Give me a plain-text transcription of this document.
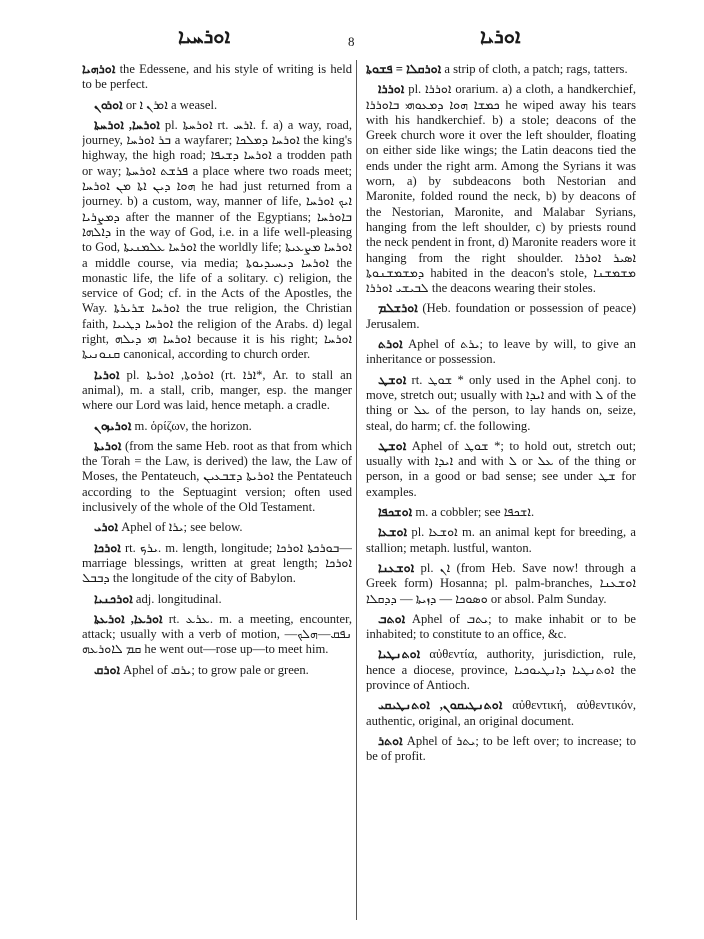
ܐܘܪܚܝܐ	8	ܐܘܪܝܐ

ܐܘܪܗܝܐ the Edessene, and his style of writing is held to be perfect.

ܐܘܪܘܢ or ܐܘܪܢ ܐ a weasel.

ܐܘܪܚܐ, ܐܘܪܚܬܐ pl. ܐܘܪܚܬܐ rt. ܐܪܚ. f. a) a way, road, journey, ܒܪ ܐܘܪܚܐ a wayfarer; ܐܘܪܚܐ ܕܡܠܟܐ the king's highway, the high road; ܐܘܪܚܐ ܕܫܝܦܐ a trodden path or way; ܦܪܫܬ ܐܘܪܚܬܐ a place where two roads meet; ܗܘܐ ܕܝܢ ܐܬܐ ܡܢ ܐܘܪܚܐ he had just returned from a journey. b) a custom, way, manner of life, ܐܝܟ ܐܘܪܚܐ ܕܡܨܪܝܐ after the manner of the Egyptians; ܒܐܘܪܚܐ ܕܐܠܗܐ in the way of God, i.e. in a life well-pleasing to God, ܐܘܪܚܐ ܥܠܡܢܝܬܐ the worldly life; ܐܘܪܚܐ ܡܨܥܝܬܐ a middle course, via media; ܐܘܪܚܐ ܕܝܚܝܕܝܘܬܐ the monastic life, the life of a solitary. c) religion, the service of God; cf. in the Acts of the Apostles, the Way. ܐܘܪܚܐ ܫܪܝܪܬܐ the true religion, the Christian faith, ܐܘܪܚܐ ܕܛܝܝܐ the religion of the Arabs. d) legal right, ܐܘܪܚܐ ܗܝ ܕܝܠܗ because it is his right; ܐܘܪܚܐ ܩܢܘܢܝܬܐ canonical, according to church order.

ܐܘܪܝܐ pl. ܐܘܪܘܬܐ, ܐܘܪܝܬܐ (rt. ܐܪܐ*, Ar. to stall an animal), m. a stall, crib, manger, esp. the manger where our Lord was laid, hence metaph. a cradle.

ܐܘܪܝܙܘܢ m. ὁρίζων, the horizon.

ܐܘܪܝܬܐ (from the same Heb. root as that from which the Torah = the Law, is derived) the law, the Law of Moses, the Pentateuch, ܐܘܪܝܬܐ ܕܫܒܥܝܢ the Pentateuch according to the Septuagint version; often used inclusively of the whole of the Old Testament.

ܐܘܪܝ Aphel of ܝܪܐ; see below.

ܐܘܪܟܐ rt. ܝܪܟ. m. length, longitude; ܒܘܪܟܬܐ ܐܘܪܟܐ—marriage blessings, written at great length; ܐܘܪܟܐ ܕܒܒܠ the longitude of the city of Babylon.

ܐܘܪܟܢܝܐ adj. longitudinal.

ܐܘܪܥܐ, ܐܘܪܥܬܐ rt. ܥܪܥ. m. a meeting, encounter, attack; usually with a verb of motion, ܢܦܩ—ܗܠܟ—ܩܡ ܠܐܘܪܥܗ he went out—rose up—to meet him.

ܐܘܪܩ Aphel of ܝܪܩ; to grow pale or green.

ܐܘܪܩܠܐ = ܦܫܘܬܐ a strip of cloth, a patch; rags, tatters.

ܐܘܪܪܐ pl. ܐܘܪܪܐ orarium. a) a cloth, a handkerchief, ܟܡܫܐ ܗܘܐ ܕܡܥܘܗܝ ܒܐܘܪܪܐ he wiped away his tears with his handkerchief. b) a stole; deacons of the Greek church wore it over the left shoulder, floating on either side like wings; the Latin deacons tied the ends under the right arm. Among the Syrians it was worn, a) by subdeacons both Nestorian and Maronite, folded round the neck, b) by deacons of the Nestorian, Maronite, and Malabar Syrians, hanging from the left shoulder, c) by priests round the neck pendent in front, d) Maronite readers wore it hanging from the right shoulder. ܐܣܝܪ ܐܘܪܪܐ ܕܡܫܡܫܢܘܬܐ habited in the deacon's stole, ܡܫܡܫܢܐ ܠܒܝܫܝ ܐܘܪܪܐ the deacons wearing their stoles.

ܐܘܪܫܠܡ (Heb. foundation or possession of peace) Jerusalem.

ܐܘܪܬ Aphel of ܝܪܬ; to leave by will, to give an inheritance or possession.

ܐܘܫܛ rt. ܫܘܛ * only used in the Aphel conj. to move, stretch out; usually with ܐܝܕܐ and with ܠ of the thing or ܥܠ of the person, to lay hands on, seize, steal, do harm; cf. the following.

ܐܘܫܛ Aphel of ܫܘܛ *; to hold out, stretch out; usually with ܐܝܕܐ and with ܠ or ܥܠ of the thing or person, in a good or bad sense; see under ܫܛ for examples.

ܐܘܫܟܦܐ m. a cobbler; see ܐܫܟܦܐ.

ܐܘܫܥܐ pl. ܐܘܫܥܐ m. an animal kept for breeding, a stallion; metaph. lustful, wanton.

ܐܘܫܥܢܐ pl. ܐܢ (from Heb. Save now! through a Greek form) Hosanna; pl. palm-branches, ܐܘܫܥܢܐ ܘܣܘܟܐ — ܕܙܝܬܐ — ܕܕܩܠܐ or absol. Palm Sunday.

ܐܘܬܒ Aphel of ܝܬܒ; to make inhabit or to be inhabited; to constitute to an office, &c.

ܐܘܬܢܛܝܐ αὐθεντία, authority, jurisdiction, rule, hence a diocese, province, ܐܘܬܢܛܝܐ ܕܐܢܛܝܘܟܝܐ the province of Antioch.

ܐܘܬܢܛܝܩܘܢ, ܐܘܬܢܛܝܩܝ αὐθεντική, αὐθεντικόν, authentic, original, an original document.

ܐܘܬܪ Aphel of ܝܬܪ; to be left over; to increase; to be of profit.
